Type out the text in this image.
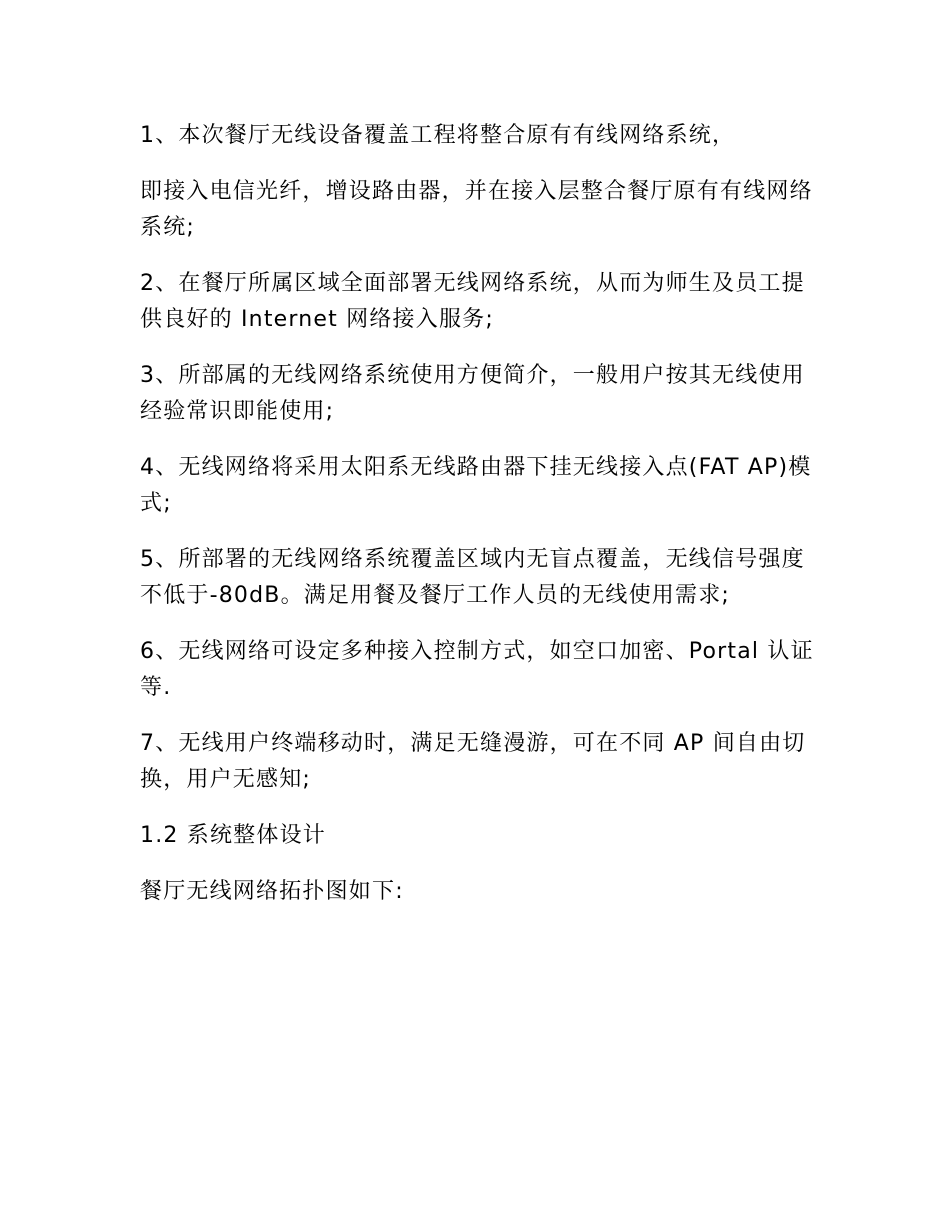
1、本次餐厅无线设备覆盖工程将整合原有有线网络系统，

即接入电信光纤，增设路由器，并在接入层整合餐厅原有有线网络系统;

2、在餐厅所属区域全面部署无线网络系统，从而为师生及员工提供良好的 Internet 网络接入服务;

3、所部属的无线网络系统使用方便简介，一般用户按其无线使用经验常识即能使用;

4、无线网络将采用太阳系无线路由器下挂无线接入点(FAT AP)模式;

5、所部署的无线网络系统覆盖区域内无盲点覆盖，无线信号强度不低于-80dB。满足用餐及餐厅工作人员的无线使用需求;

6、无线网络可设定多种接入控制方式，如空口加密、Portal 认证等.

7、无线用户终端移动时，满足无缝漫游，可在不同 AP 间自由切换，用户无感知;

1.2 系统整体设计

餐厅无线网络拓扑图如下:
